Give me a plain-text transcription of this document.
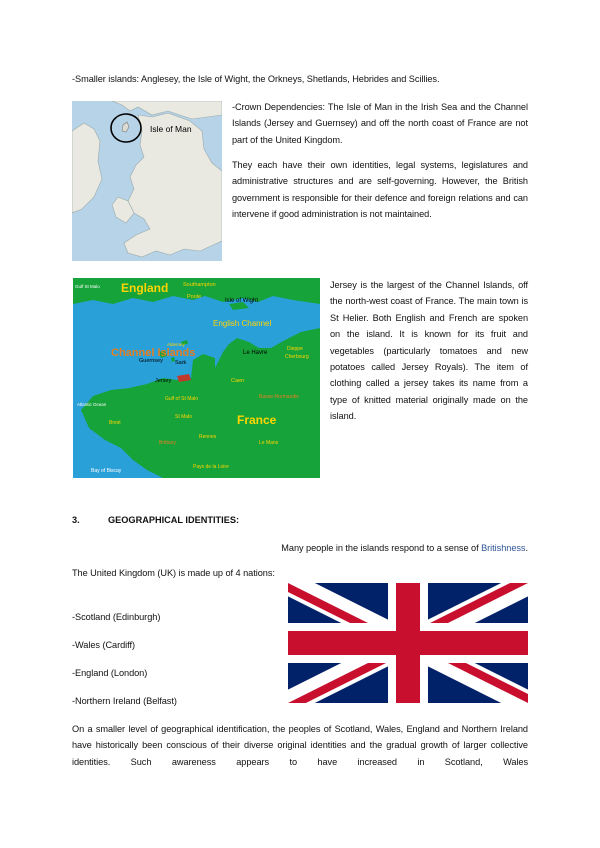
-Smaller islands: Anglesey, the Isle of Wight, the Orkneys, Shetlands, Hebrides and Scillies.
Isle of Man
-Crown Dependencies: The Isle of Man in the Irish Sea and the Channel Islands (Jersey and Guernsey) and off the north coast of France are not part of the United Kingdom.
They each have their own identities, legal systems, legislatures and administrative structures and are self-governing. However, the British government is responsible for their defence and foreign relations and can intervene if good administration is not maintained.
Gulf St Malo England	Southampton
Poole
Isle of Wight
English Channel
Alderney
Channel Islands
Guernsey Sark
Jersey
Le Havre
Dieppe
Cherbourg
Caen
Gulf of St Malo
St Malo
Atlantic Ocean
Brest	France
Rennes
Le Mans
Brittany
Pays de la Loire
Bay of Biscay
Basse-Normandie
Jersey is the largest of the Channel Islands, off the north-west coast of France. The main town is St Helier. Both English and French are spoken on the island. It is known for its fruit and vegetables (particularly tomatoes and new potatoes called Jersey Royals). The item of clothing called a jersey takes its name from a type of knitted material originally made on the island.
3.	GEOGRAPHICAL IDENTITIES:
Many people in the islands respond to a sense of Britishness.
The United Kingdom (UK) is made up of 4 nations:
-Scotland (Edinburgh)
-Wales (Cardiff)
-England (London)
-Northern Ireland (Belfast)
On a smaller level of geographical identification, the peoples of Scotland, Wales, England and Northern Ireland have historically been conscious of their diverse original identities and the gradual growth of larger collective identities. Such awareness appears to have increased in Scotland, Wales
